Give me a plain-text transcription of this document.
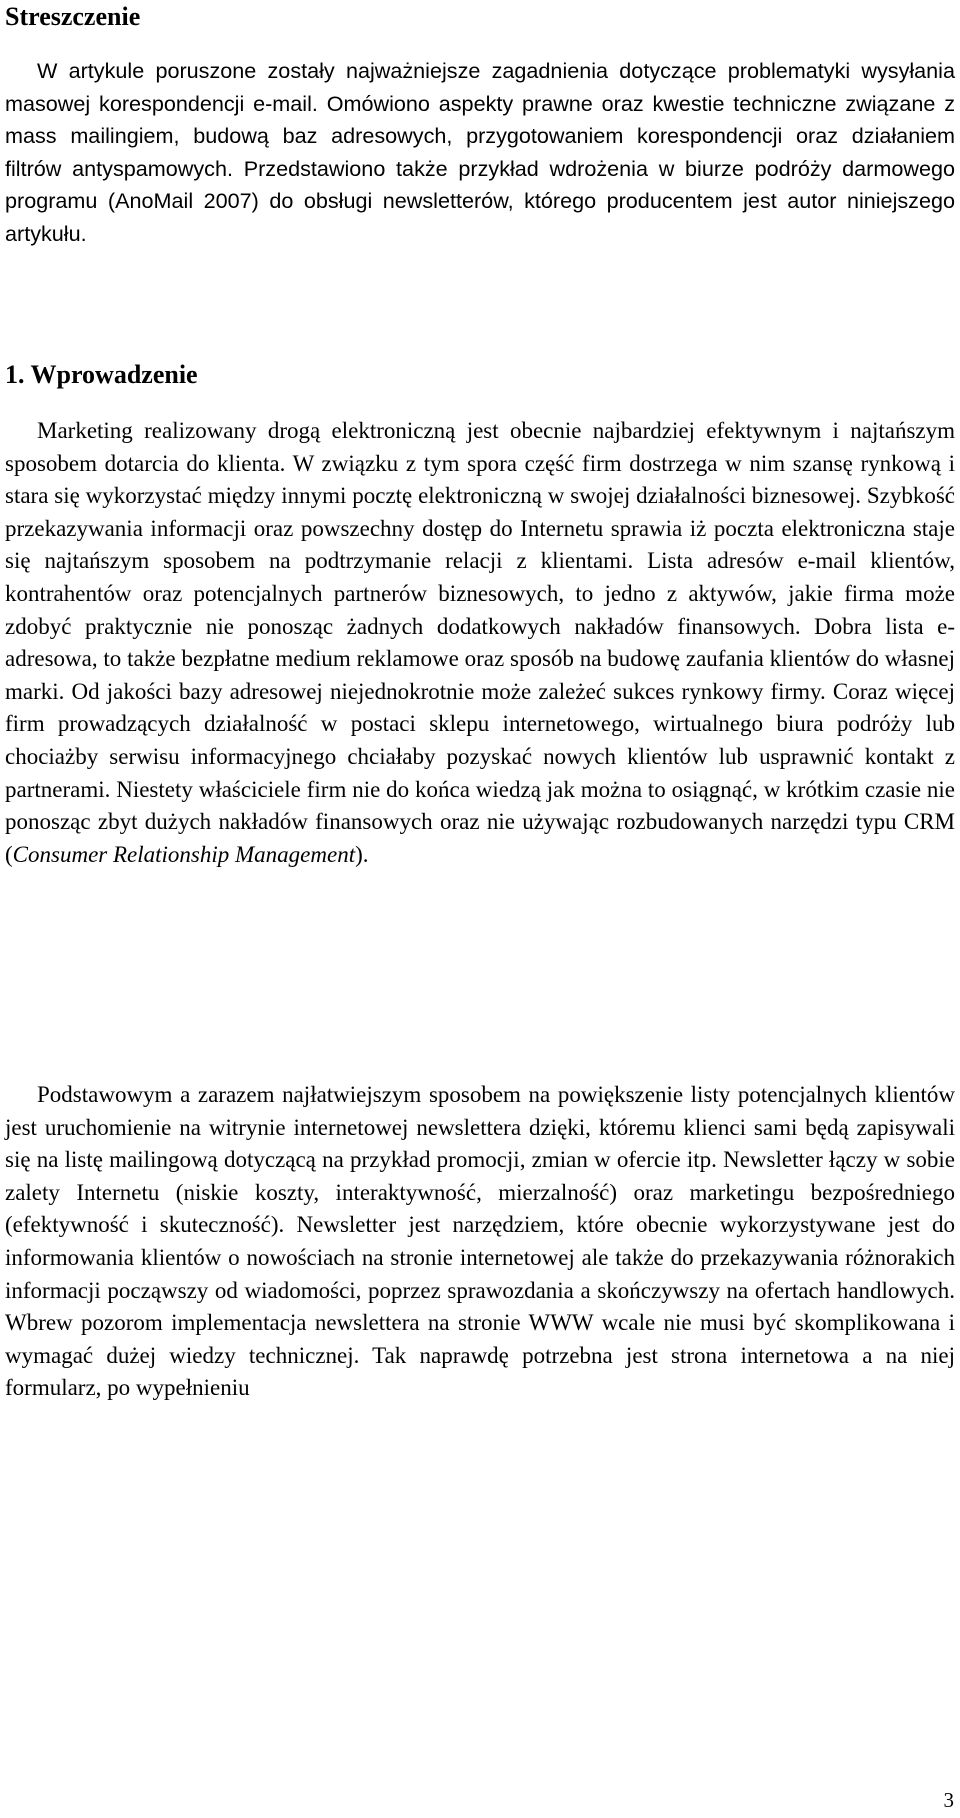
Streszczenie

W artykule poruszone zostały najważniejsze zagadnienia dotyczące problematyki wysyłania masowej korespondencji e-mail. Omówiono aspekty prawne oraz kwestie techniczne związane z mass mailingiem, budową baz adresowych, przygotowaniem korespondencji oraz działaniem filtrów antyspamowych. Przedstawiono także przykład wdrożenia w biurze podróży darmowego programu (AnoMail 2007) do obsługi newsletterów, którego producentem jest autor niniejszego artykułu.

1. Wprowadzenie

Marketing realizowany drogą elektroniczną jest obecnie najbardziej efektywnym i najtańszym sposobem dotarcia do klienta. W związku z tym spora część firm dostrzega w nim szansę rynkową i stara się wykorzystać między innymi pocztę elektroniczną w swojej działalności biznesowej. Szybkość przekazywania informacji oraz powszechny dostęp do Internetu sprawia iż poczta elektroniczna staje się najtańszym sposobem na podtrzymanie relacji z klientami. Lista adresów e-mail klientów, kontrahentów oraz potencjalnych partnerów biznesowych, to jedno z aktywów, jakie firma może zdobyć praktycznie nie ponosząc żadnych dodatkowych nakładów finansowych. Dobra lista e-adresowa, to także bezpłatne medium reklamowe oraz sposób na budowę zaufania klientów do własnej marki. Od jakości bazy adresowej niejednokrotnie może zależeć sukces rynkowy firmy. Coraz więcej firm prowadzących działalność w postaci sklepu internetowego, wirtualnego biura podróży lub chociażby serwisu informacyjnego chciałaby pozyskać nowych klientów lub usprawnić kontakt z partnerami. Niestety właściciele firm nie do końca wiedzą jak można to osiągnąć, w krótkim czasie nie ponosząc zbyt dużych nakładów finansowych oraz nie używając rozbudowanych narzędzi typu CRM (Consumer Relationship Management).

Podstawowym a zarazem najłatwiejszym sposobem na powiększenie listy potencjalnych klientów jest uruchomienie na witrynie internetowej newslettera dzięki, któremu klienci sami będą zapisywali się na listę mailingową dotyczącą na przykład promocji, zmian w ofercie itp. Newsletter łączy w sobie zalety Internetu (niskie koszty, interaktywność, mierzalność) oraz marketingu bezpośredniego (efektywność i skuteczność). Newsletter jest narzędziem, które obecnie wykorzystywane jest do informowania klientów o nowościach na stronie internetowej ale także do przekazywania różnorakich informacji począwszy od wiadomości, poprzez sprawozdania a skończywszy na ofertach handlowych. Wbrew pozorom implementacja newslettera na stronie WWW wcale nie musi być skomplikowana i wymagać dużej wiedzy technicznej. Tak naprawdę potrzebna jest strona internetowa a na niej formularz, po wypełnieniu

3
